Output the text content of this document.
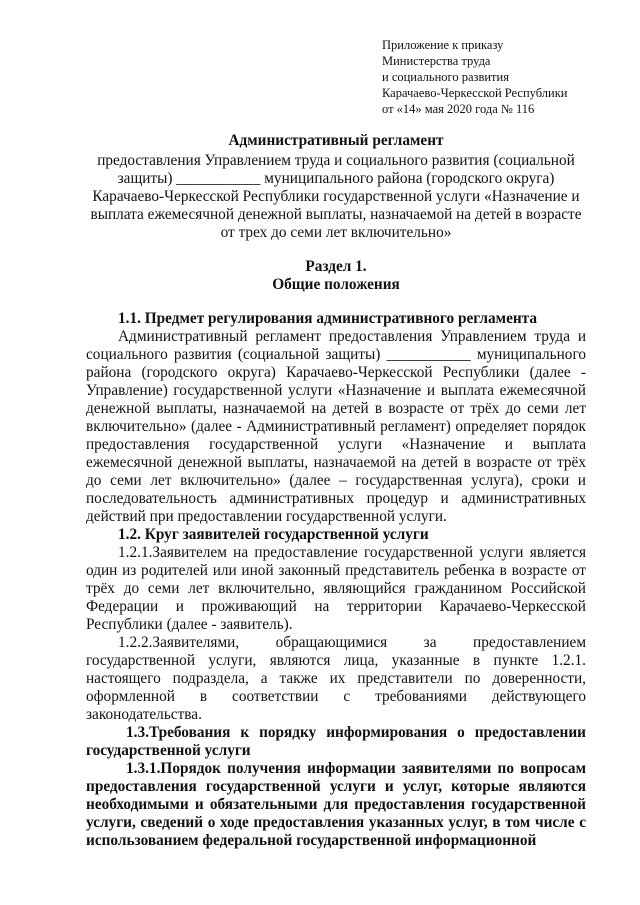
Приложение к приказу
Министерства труда
и социального развития
Карачаево-Черкесской Республики
от «14» мая 2020 года № 116
Административный регламент
предоставления Управлением труда и социального развития (социальной защиты) ___________ муниципального района (городского округа) Карачаево-Черкесской Республики государственной услуги «Назначение и выплата ежемесячной денежной выплаты, назначаемой на детей в возрасте от трех до семи лет включительно»
Раздел 1.
Общие положения

1.1. Предмет регулирования административного регламента

Административный регламент предоставления Управлением труда и социального развития (социальной защиты) ___________ муниципального района (городского округа) Карачаево-Черкесской Республики (далее - Управление) государственной услуги «Назначение и выплата ежемесячной денежной выплаты, назначаемой на детей в возрасте от трёх до семи лет включительно» (далее - Административный регламент) определяет порядок предоставления государственной услуги «Назначение и выплата ежемесячной денежной выплаты, назначаемой на детей в возрасте от трёх до семи лет включительно» (далее – государственная услуга), сроки и последовательность административных процедур и административных действий при предоставлении государственной услуги.

1.2. Круг заявителей государственной услуги

1.2.1.Заявителем на предоставление государственной услуги является один из родителей или иной законный представитель ребенка в возрасте от трёх до семи лет включительно, являющийся гражданином Российской Федерации и проживающий на территории Карачаево-Черкесской Республики (далее - заявитель).

1.2.2.Заявителями, обращающимися за предоставлением государственной услуги, являются лица, указанные в пункте 1.2.1. настоящего подраздела, а также их представители по доверенности, оформленной в соответствии с требованиями действующего законодательства.

1.3.Требования к порядку информирования о предоставлении государственной услуги

1.3.1.Порядок получения информации заявителями по вопросам предоставления государственной услуги и услуг, которые являются необходимыми и обязательными для предоставления государственной услуги, сведений о ходе предоставления указанных услуг, в том числе с использованием федеральной государственной информационной
